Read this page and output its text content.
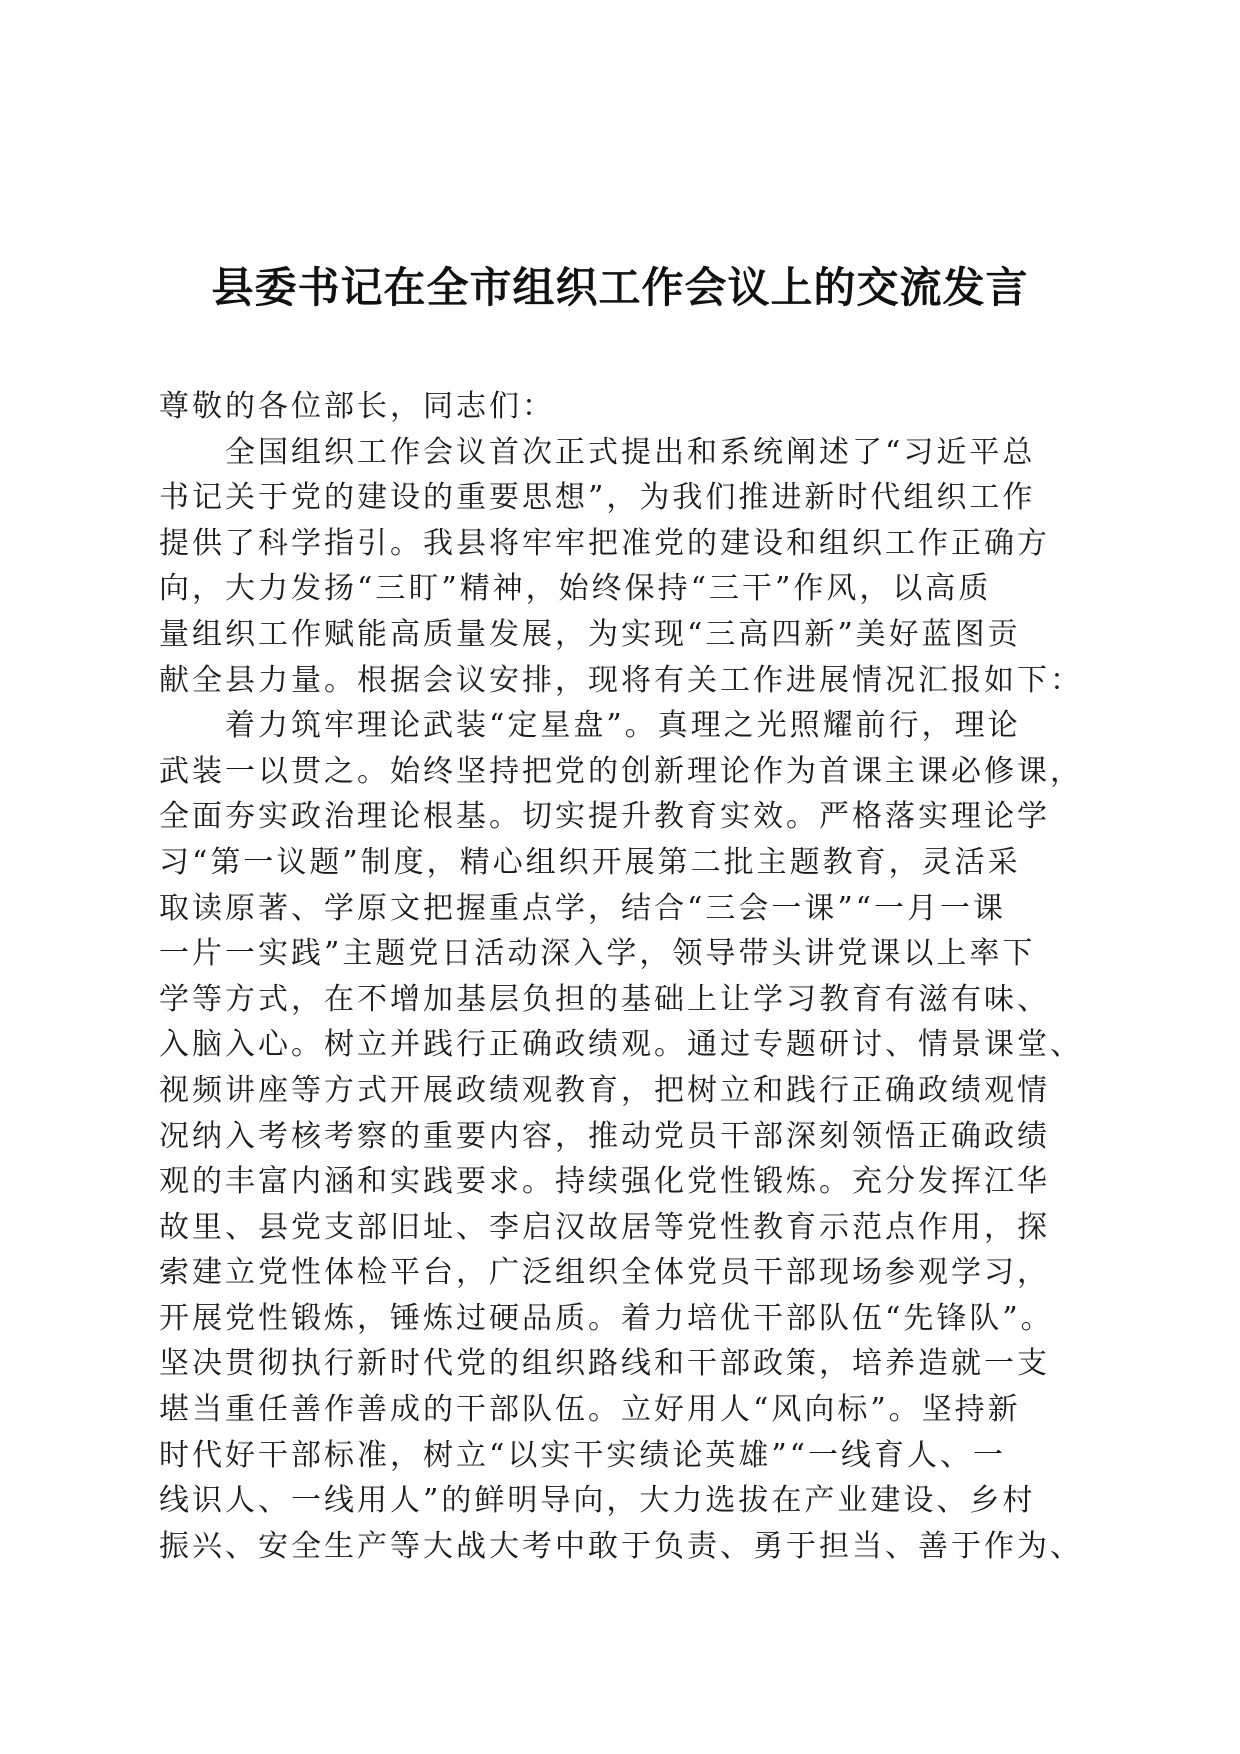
县委书记在全市组织工作会议上的交流发言
尊敬的各位部长，同志们：
全国组织工作会议首次正式提出和系统阐述了“习近平总
书记关于党的建设的重要思想”，为我们推进新时代组织工作
提供了科学指引。我县将牢牢把准党的建设和组织工作正确方
向，大力发扬“三盯”精神，始终保持“三干”作风，以高质
量组织工作赋能高质量发展，为实现“三高四新”美好蓝图贡
献全县力量。根据会议安排，现将有关工作进展情况汇报如下：
着力筑牢理论武装“定星盘”。真理之光照耀前行，理论
武装一以贯之。始终坚持把党的创新理论作为首课主课必修课，
全面夯实政治理论根基。切实提升教育实效。严格落实理论学
习“第一议题”制度，精心组织开展第二批主题教育，灵活采
取读原著、学原文把握重点学，结合“三会一课”“一月一课
一片一实践”主题党日活动深入学，领导带头讲党课以上率下
学等方式，在不增加基层负担的基础上让学习教育有滋有味、
入脑入心。树立并践行正确政绩观。通过专题研讨、情景课堂、
视频讲座等方式开展政绩观教育，把树立和践行正确政绩观情
况纳入考核考察的重要内容，推动党员干部深刻领悟正确政绩
观的丰富内涵和实践要求。持续强化党性锻炼。充分发挥江华
故里、县党支部旧址、李启汉故居等党性教育示范点作用，探
索建立党性体检平台，广泛组织全体党员干部现场参观学习，
开展党性锻炼，锤炼过硬品质。着力培优干部队伍“先锋队”。
坚决贯彻执行新时代党的组织路线和干部政策，培养造就一支
堪当重任善作善成的干部队伍。立好用人“风向标”。坚持新
时代好干部标准，树立“以实干实绩论英雄”“一线育人、一
线识人、一线用人”的鲜明导向，大力选拔在产业建设、乡村
振兴、安全生产等大战大考中敢于负责、勇于担当、善于作为、
